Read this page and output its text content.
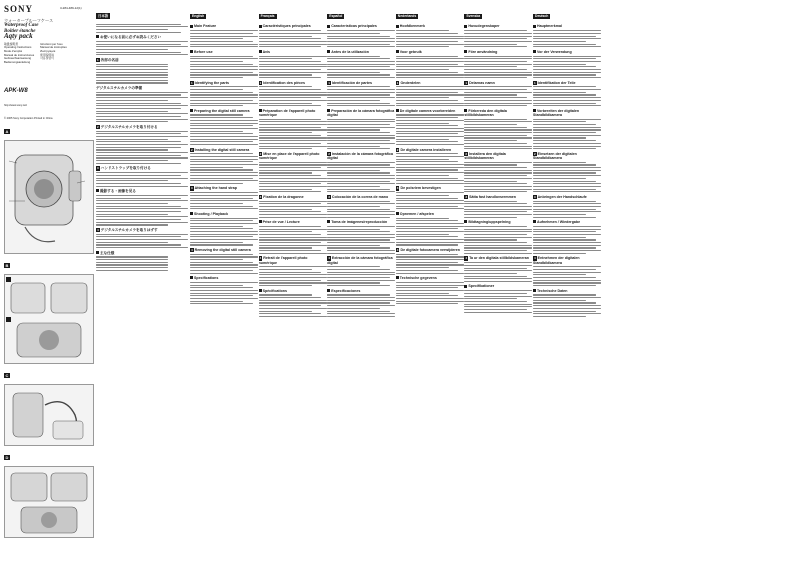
SONY	3-284-489-12(1)
ウォータープルーフケース
Waterproof Case
Boîtier étanche
Aqty pack
取扱説明書
Operating Instructions
Mode d'emploi
Manual de instrucciones
Gebrauchsanweisung
Bedienungsanleitung
Istruzioni per l'uso
Manual de instruções
Инструкция
使用说明书
사용설명서
APK-W8
http://www.sony.net/
© 2005 Sony Corporation Printed in China
A
B
C
D
日本語
お使いになる前に必ずお読みください
1 各部の名前
デジタルスチルカメラの準備
2 デジタルスチルカメラを取り付ける
3 ハンドストラップを取り付ける
撮影する・画像を見る
4 デジタルスチルカメラを取りはずす
主な仕様
English
Main Feature
Before use
1 Identifying the parts
Preparing the digital still camera
2 Installing the digital still camera
3 Attaching the hand strap
Shooting / Playback
4 Removing the digital still camera
Specifications
Français
Caractéristiques principales
Avis
1 Identification des pièces
Préparation de l'appareil photo numérique
2 Mise en place de l'appareil photo numérique
3 Fixation de la dragonne
Prise de vue / Lecture
4 Retrait de l'appareil photo numérique
Spécifications
Español
Características principales
Antes de la utilización
1 Identificación de partes
Preparación de la cámara fotográfica digital
2 Instalación de la cámara fotográfica digital
3 Colocación de la correa de mano
Toma de imágenes/reproducción
4 Extracción de la cámara fotográfica digital
Especificaciones
Nederlands
Hoofdkenmerk
Voor gebruik
1 Onderdelen
De digitale camera voorbereiden
2 De digitale camera installeren
3 De polsriem bevestigen
Opnemen / afspelen
4 De digitale fotocamera verwijderen
Technische gegevens
Svenska
Huvudegenskaper
Före användning
1 Delarnas namn
Förbereda den digitala stillbildskameran
2 Installera den digitala stillbildskameran
3 Sätta fast handlovsremmen
Bildtagning/uppspelning
4 Ta ur den digitala stillbildskameran
Specifikationer
Deutsch
Hauptmerkmal
Vor der Verwendung
1 Identifikation der Teile
Vorbereiten der digitalen Standbildkamera
2 Einsetzen der digitalen Standbildkamera
3 Anbringen der Handschlaufe
Aufnehmen / Wiedergabe
4 Entnehmen der digitalen Standbildkamera
Technische Daten
